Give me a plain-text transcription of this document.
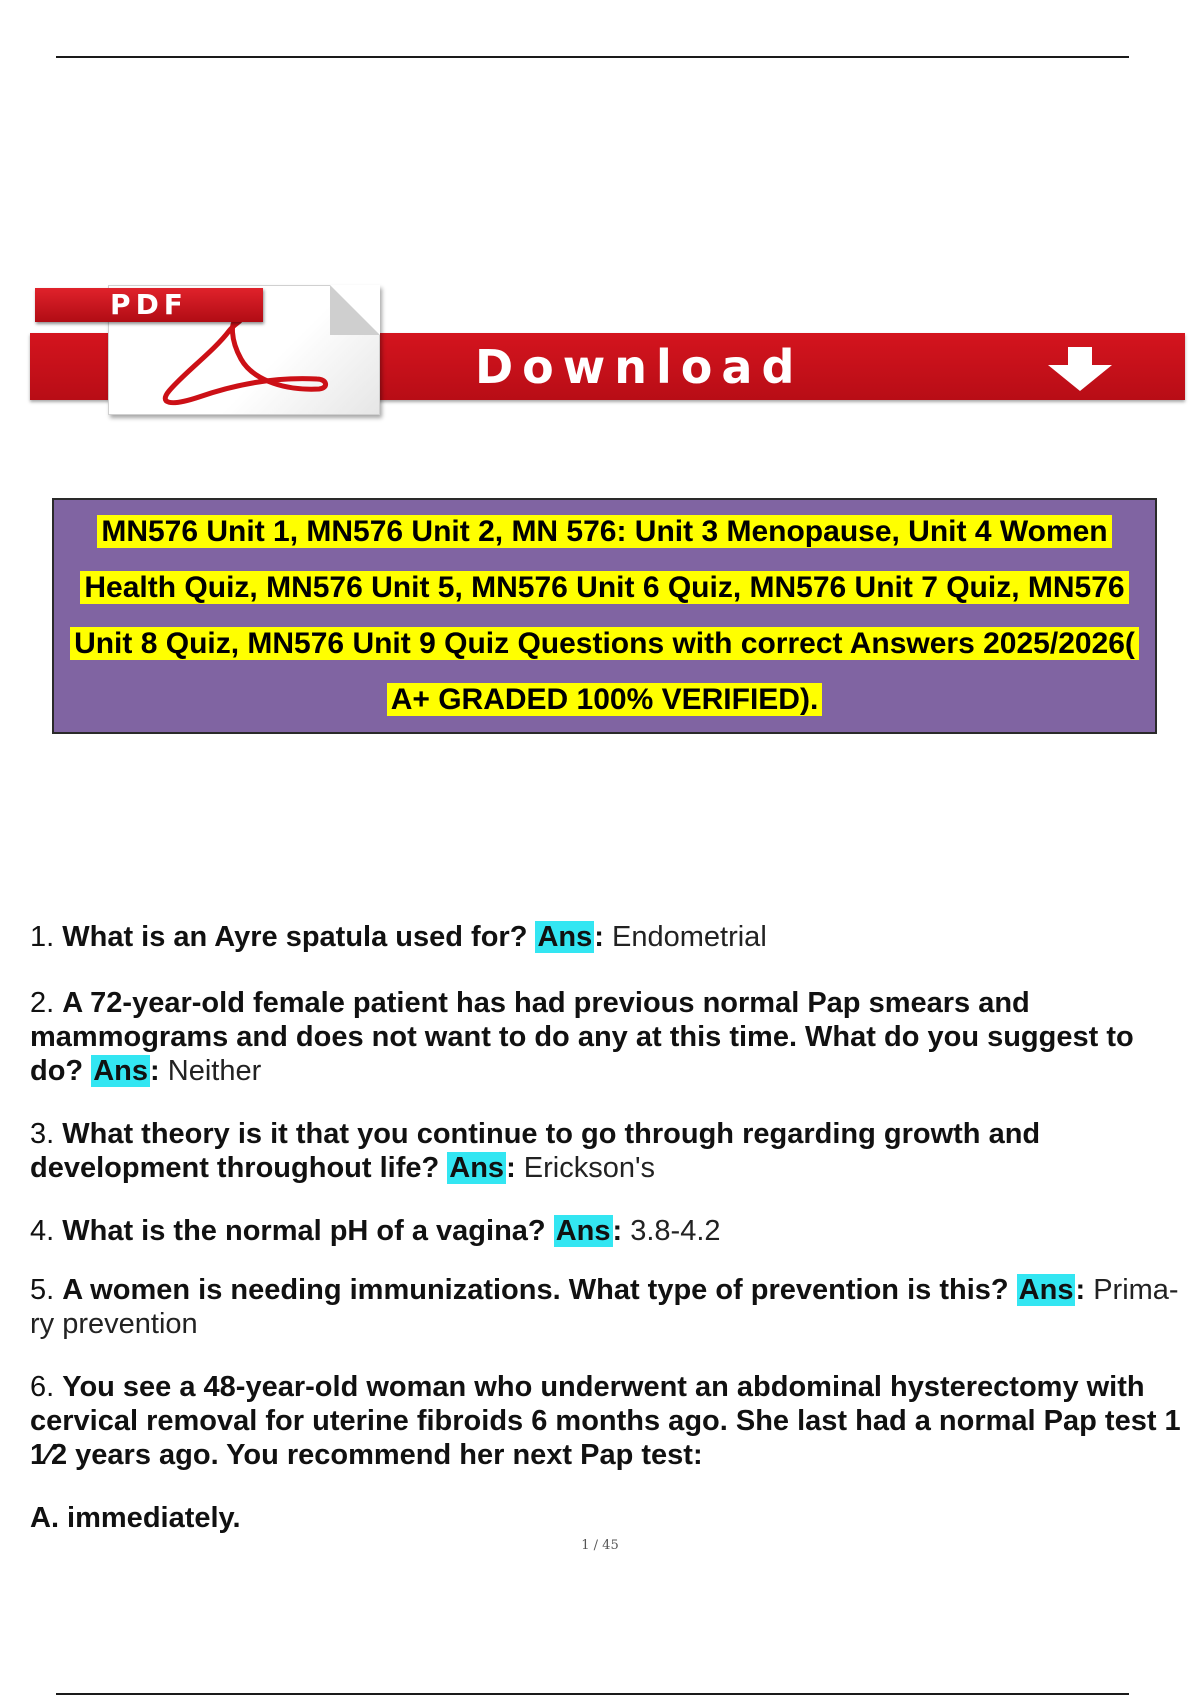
Download
PDF

MN576 Unit 1, MN576 Unit 2, MN 576: Unit 3 Menopause, Unit 4 Women Health Quiz, MN576 Unit 5, MN576 Unit 6 Quiz, MN576 Unit 7 Quiz, MN576 Unit 8 Quiz, MN576 Unit 9 Quiz Questions with correct Answers 2025/2026( A+ GRADED 100% VERIFIED).

1. What is an Ayre spatula used for? Ans: Endometrial
2. A 72-year-old female patient has had previous normal Pap smears and mammograms and does not want to do any at this time. What do you suggest to do? Ans: Neither
3. What theory is it that you continue to go through regarding growth and development throughout life? Ans: Erickson's
4. What is the normal pH of a vagina? Ans: 3.8-4.2
5. A women is needing immunizations. What type of prevention is this? Ans: Prima- ry prevention
6. You see a 48-year-old woman who underwent an abdominal hysterectomy with cervical removal for uterine fibroids 6 months ago. She last had a normal Pap test 1 1⁄2 years ago. You recommend her next Pap test:
A. immediately.
1 / 45
